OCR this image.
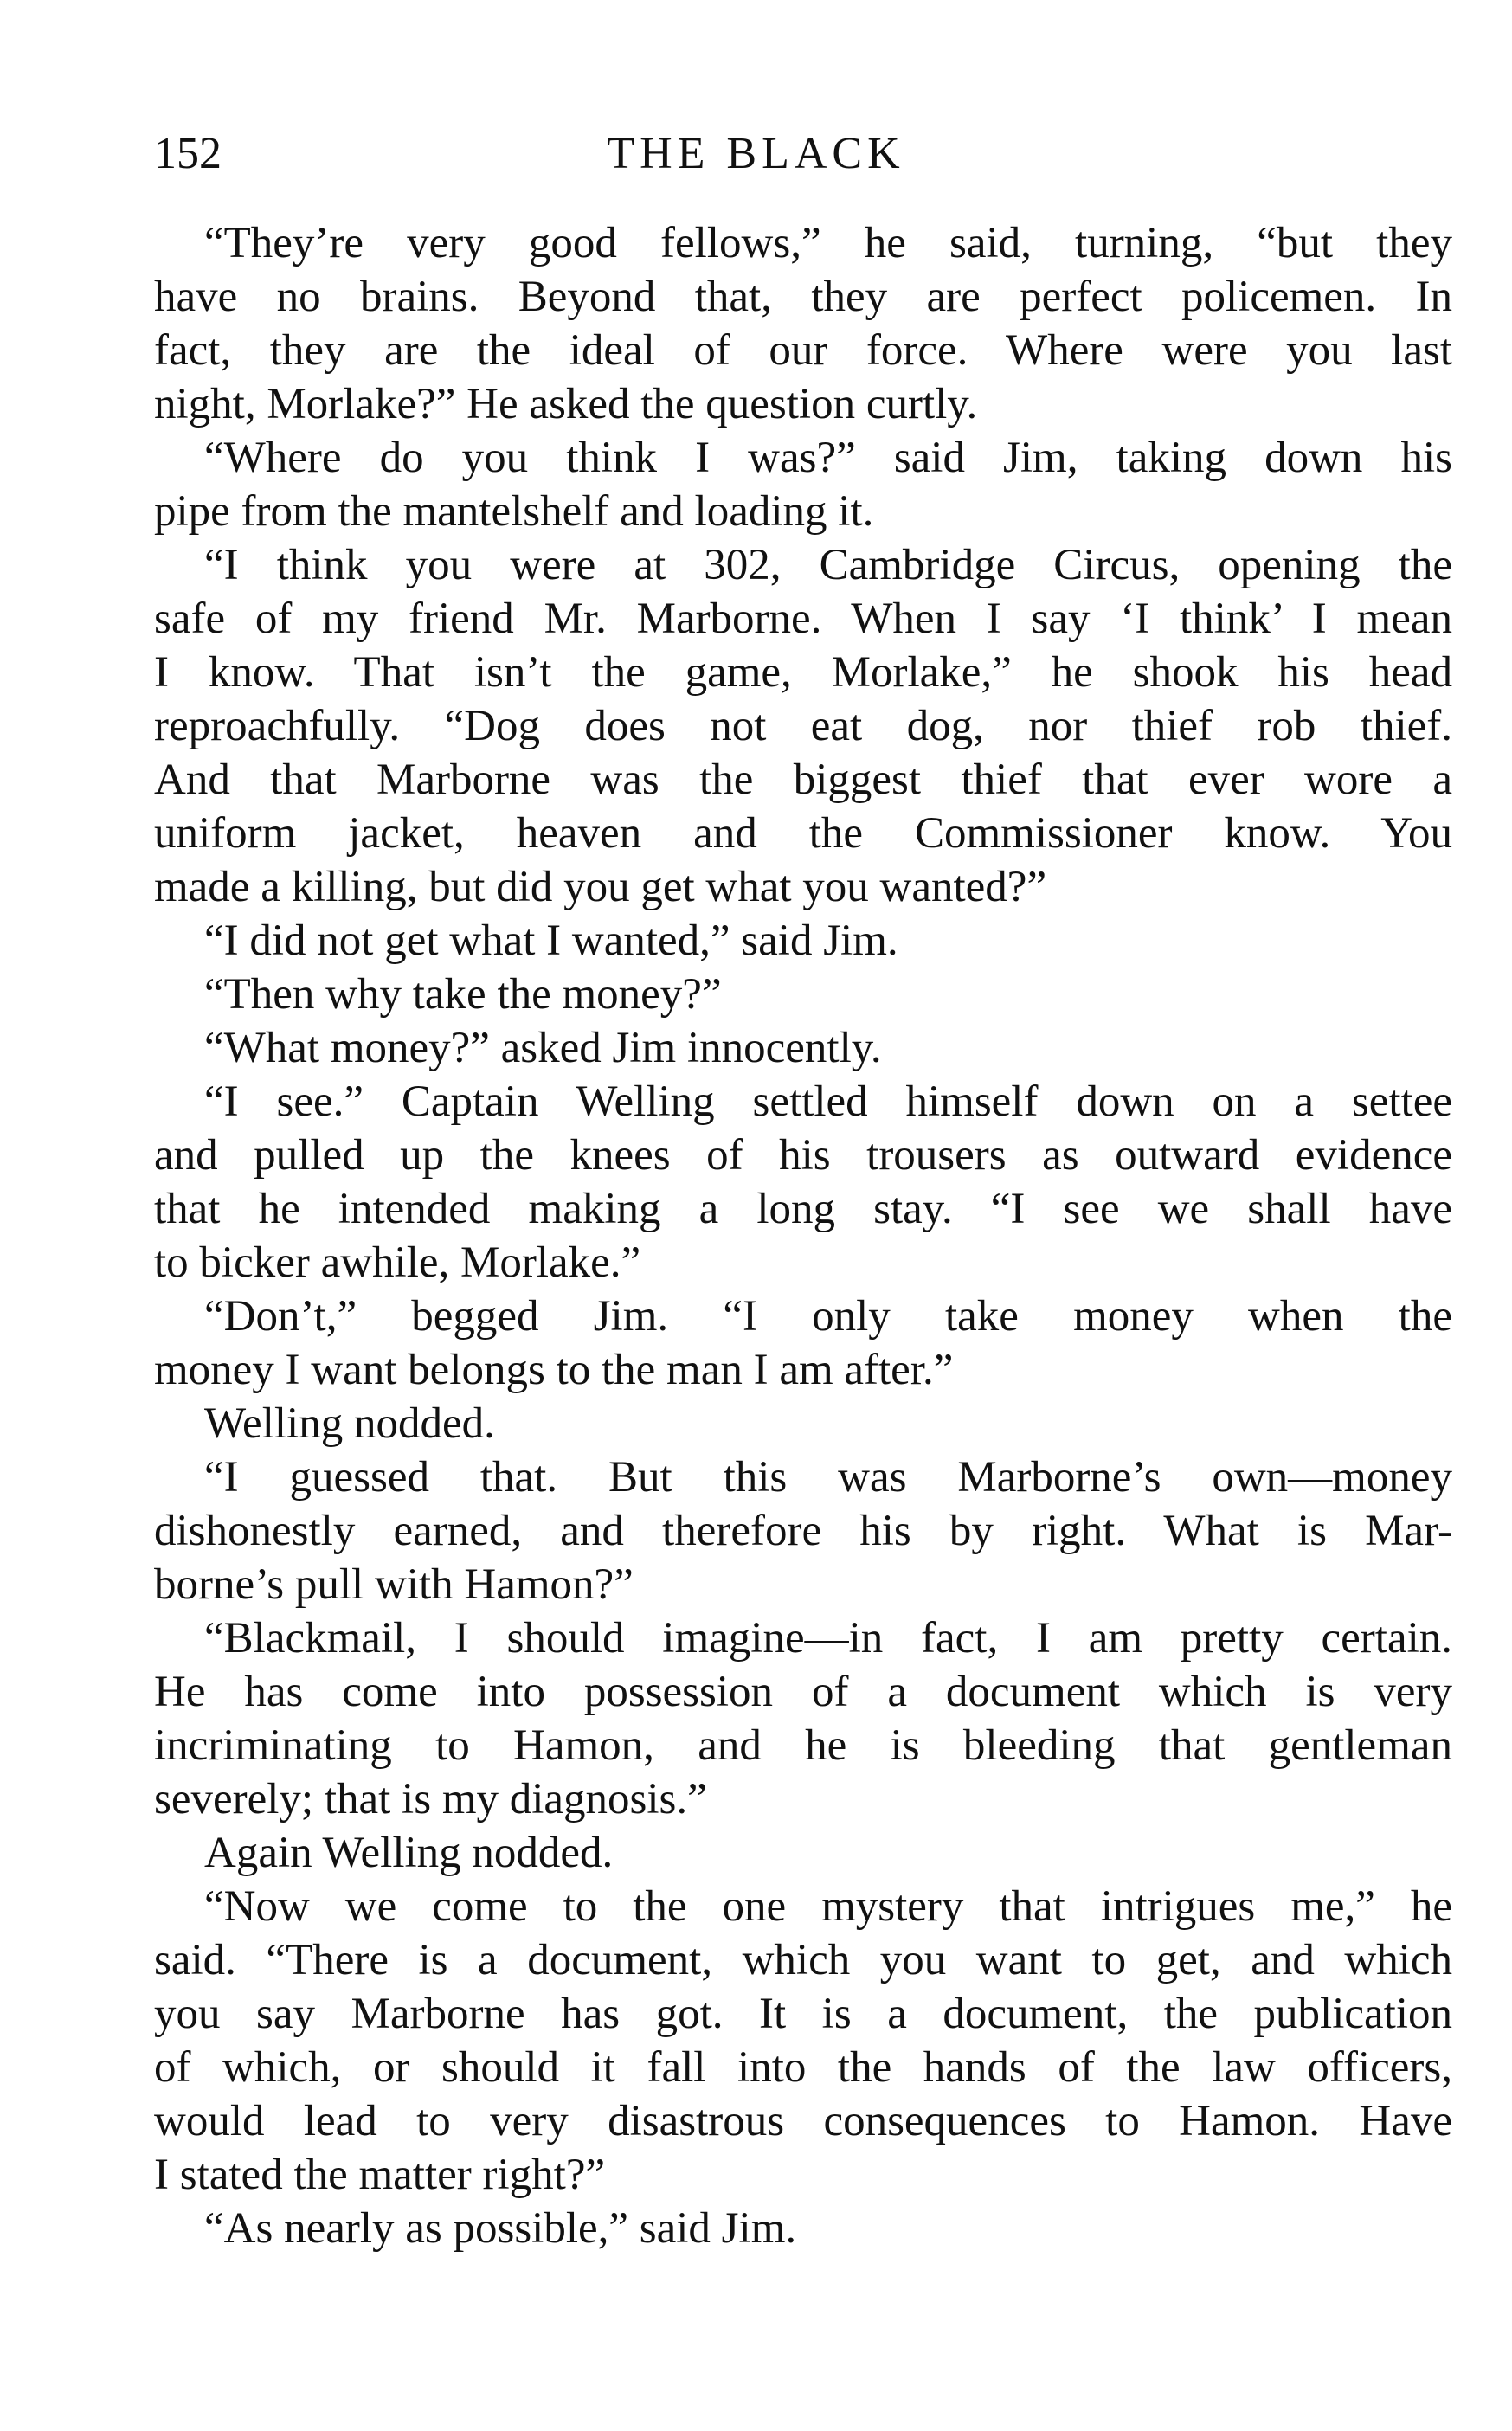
152	THE BLACK
“They’re very good fellows,” he said, turning, “but they
have no brains. Beyond that, they are perfect policemen. In
fact, they are the ideal of our force. Where were you last
night, Morlake?” He asked the question curtly.
“Where do you think I was?” said Jim, taking down his
pipe from the mantelshelf and loading it.
“I think you were at 302, Cambridge Circus, opening the
safe of my friend Mr. Marborne. When I say ‘I think’ I mean
I know. That isn’t the game, Morlake,” he shook his head
reproachfully. “Dog does not eat dog, nor thief rob thief.
And that Marborne was the biggest thief that ever wore a
uniform jacket, heaven and the Commissioner know. You
made a killing, but did you get what you wanted?”
“I did not get what I wanted,” said Jim.
“Then why take the money?”
“What money?” asked Jim innocently.
“I see.” Captain Welling settled himself down on a settee
and pulled up the knees of his trousers as outward evidence
that he intended making a long stay. “I see we shall have
to bicker awhile, Morlake.”
“Don’t,” begged Jim. “I only take money when the
money I want belongs to the man I am after.”
Welling nodded.
“I guessed that. But this was Marborne’s own—money
dishonestly earned, and therefore his by right. What is Mar-
borne’s pull with Hamon?”
“Blackmail, I should imagine—in fact, I am pretty certain.
He has come into possession of a document which is very
incriminating to Hamon, and he is bleeding that gentleman
severely; that is my diagnosis.”
Again Welling nodded.
“Now we come to the one mystery that intrigues me,” he
said. “There is a document, which you want to get, and which
you say Marborne has got. It is a document, the publication
of which, or should it fall into the hands of the law officers,
would lead to very disastrous consequences to Hamon. Have
I stated the matter right?”
“As nearly as possible,” said Jim.
